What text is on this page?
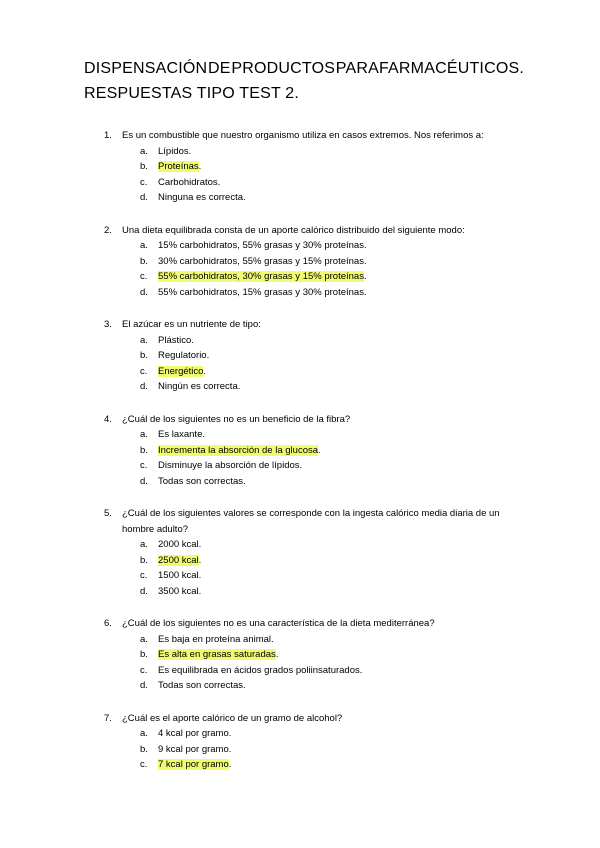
DISPENSACIÓN DE PRODUCTOS PARAFARMACÉUTICOS.
RESPUESTAS TIPO TEST 2.
1. Es un combustible que nuestro organismo utiliza en casos extremos. Nos referimos a:
a. Lípidos.
b. Proteínas.
c. Carbohidratos.
d. Ninguna es correcta.
2. Una dieta equilibrada consta de un aporte calórico distribuido del siguiente modo:
a. 15% carbohidratos, 55% grasas y 30% proteínas.
b. 30% carbohidratos, 55% grasas y 15% proteínas.
c. 55% carbohidratos, 30% grasas y 15% proteínas.
d. 55% carbohidratos, 15% grasas y 30% proteínas.
3. El azúcar es un nutriente de tipo:
a. Plástico.
b. Regulatorio.
c. Energético.
d. Ningún es correcta.
4. ¿Cuál de los siguientes no es un beneficio de la fibra?
a. Es laxante.
b. Incrementa la absorción de la glucosa.
c. Disminuye la absorción de lípidos.
d. Todas son correctas.
5. ¿Cuál de los siguientes valores se corresponde con la ingesta calórico media diaria de un hombre adulto?
a. 2000 kcal.
b. 2500 kcal.
c. 1500 kcal.
d. 3500 kcal.
6. ¿Cuál de los siguientes no es una característica de la dieta mediterránea?
a. Es baja en proteína animal.
b. Es alta en grasas saturadas.
c. Es equilibrada en ácidos grados poliinsaturados.
d. Todas son correctas.
7. ¿Cuál es el aporte calórico de un gramo de alcohol?
a. 4 kcal por gramo.
b. 9 kcal por gramo.
c. 7 kcal por gramo.
